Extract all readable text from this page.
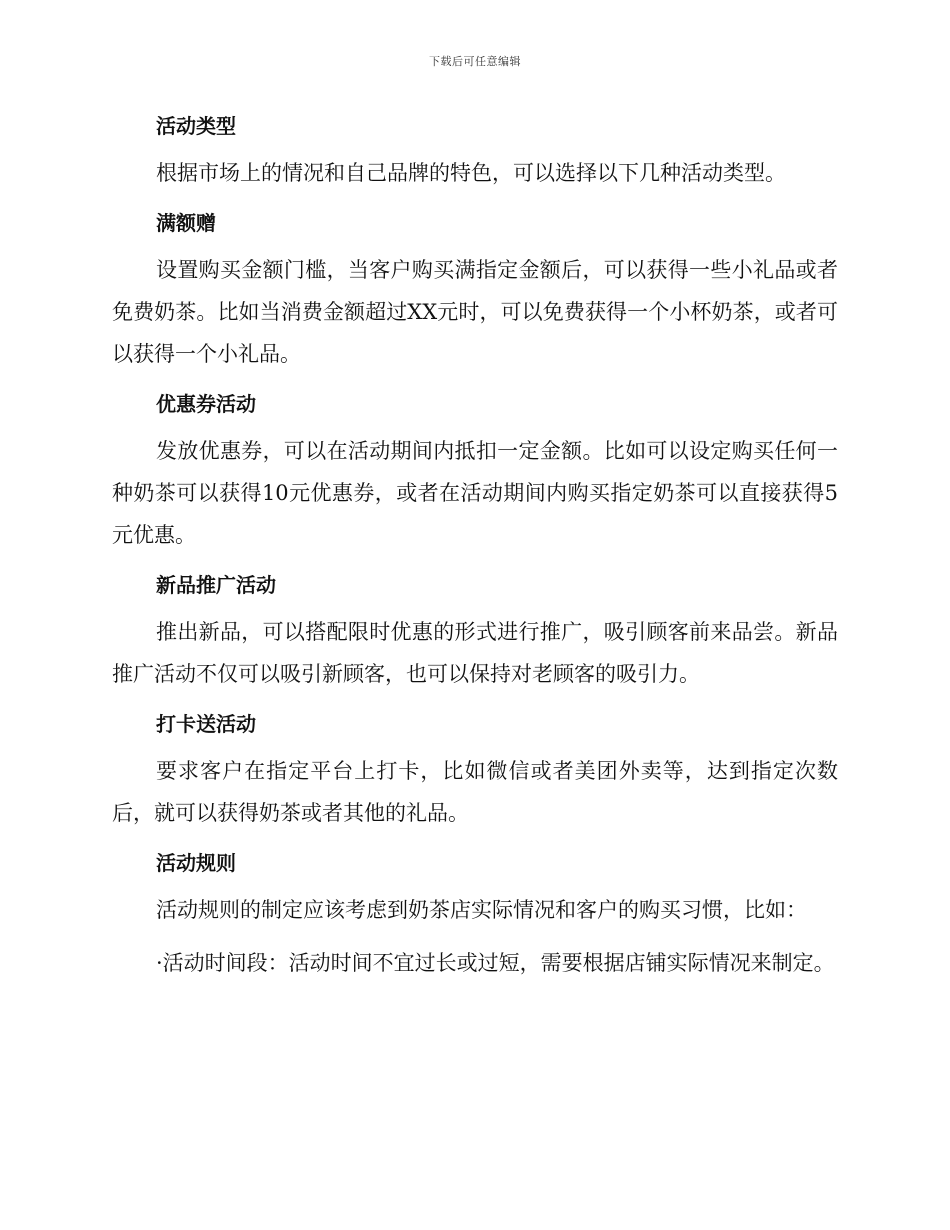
下载后可任意编辑
活动类型

根据市场上的情况和自己品牌的特色，可以选择以下几种活动类型。

满额赠

设置购买金额门槛，当客户购买满指定金额后，可以获得一些小礼品或者免费奶茶。比如当消费金额超过XX元时，可以免费获得一个小杯奶茶，或者可以获得一个小礼品。

优惠券活动

发放优惠券，可以在活动期间内抵扣一定金额。比如可以设定购买任何一种奶茶可以获得10元优惠券，或者在活动期间内购买指定奶茶可以直接获得5元优惠。

新品推广活动

推出新品，可以搭配限时优惠的形式进行推广，吸引顾客前来品尝。新品推广活动不仅可以吸引新顾客，也可以保持对老顾客的吸引力。

打卡送活动

要求客户在指定平台上打卡，比如微信或者美团外卖等，达到指定次数后，就可以获得奶茶或者其他的礼品。

活动规则

活动规则的制定应该考虑到奶茶店实际情况和客户的购买习惯，比如：

·活动时间段：活动时间不宜过长或过短，需要根据店铺实际情况来制定。
